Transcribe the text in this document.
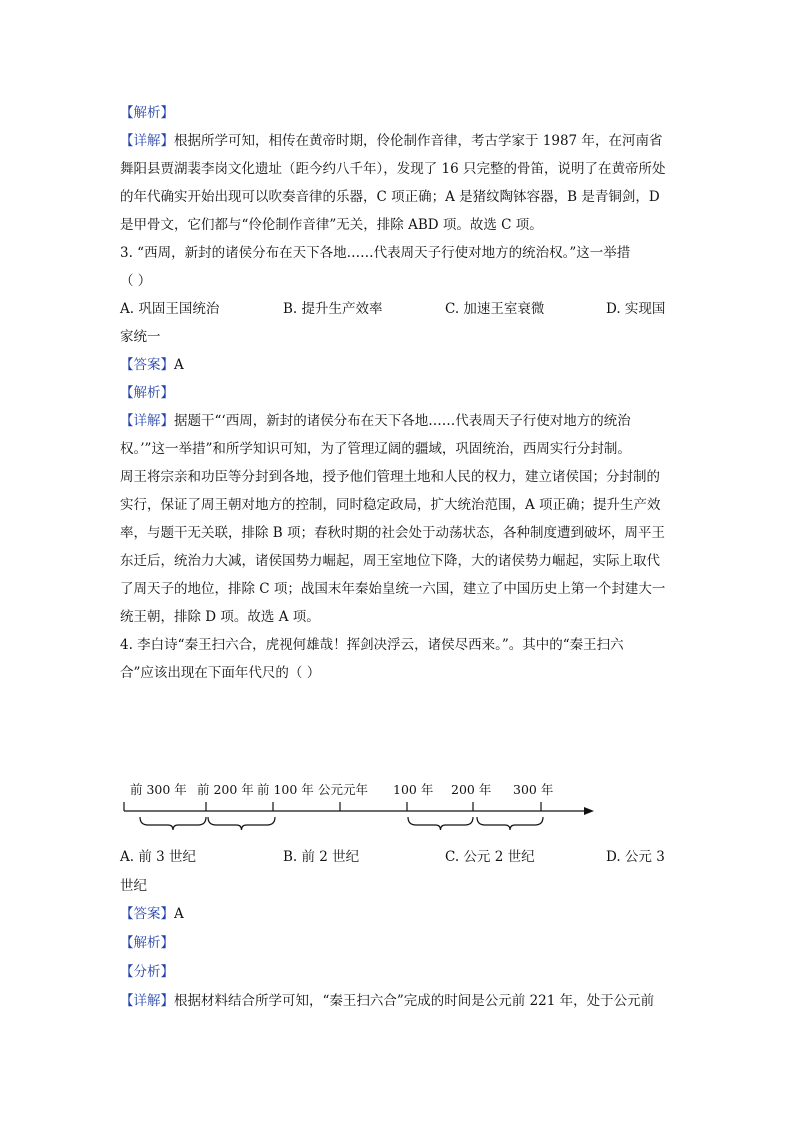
【解析】
【详解】根据所学可知，相传在黄帝时期，伶伦制作音律，考古学家于 1987 年，在河南省
舞阳县贾湖裴李岗文化遗址（距今约八千年），发现了 16 只完整的骨笛，说明了在黄帝所处
的年代确实开始出现可以吹奏音律的乐器，C 项正确；A 是猪纹陶钵容器，B 是青铜剑，D
是甲骨文，它们都与“伶伦制作音律”无关，排除 ABD 项。故选 C 项。
3. “西周，新封的诸侯分布在天下各地……代表周天子行使对地方的统治权。”这一举措
（ ）
A. 巩固王国统治	B. 提升生产效率	C. 加速王室衰微	D. 实现国
家统一
【答案】A
【解析】
【详解】据题干“‘西周，新封的诸侯分布在天下各地……代表周天子行使对地方的统治
权。’”这一举措”和所学知识可知，为了管理辽阔的疆域，巩固统治，西周实行分封制。
周王将宗亲和功臣等分封到各地，授予他们管理土地和人民的权力，建立诸侯国；分封制的
实行，保证了周王朝对地方的控制，同时稳定政局，扩大统治范围，A 项正确；提升生产效
率，与题干无关联，排除 B 项；春秋时期的社会处于动荡状态，各种制度遭到破坏，周平王
东迁后，统治力大减，诸侯国势力崛起，周王室地位下降，大的诸侯势力崛起，实际上取代
了周天子的地位，排除 C 项；战国末年秦始皇统一六国，建立了中国历史上第一个封建大一
统王朝，排除 D 项。故选 A 项。
4. 李白诗“秦王扫六合，虎视何雄哉！挥剑决浮云，诸侯尽西来。”。其中的“秦王扫六
合”应该出现在下面年代尺的（ ）
前 300 年 前 200 年 前 100 年 公元元年 100 年 200 年 300 年
A. 前 3 世纪	B. 前 2 世纪	C. 公元 2 世纪	D. 公元 3
世纪
【答案】A
【解析】
【分析】
【详解】根据材料结合所学可知，“秦王扫六合”完成的时间是公元前 221 年，处于公元前
